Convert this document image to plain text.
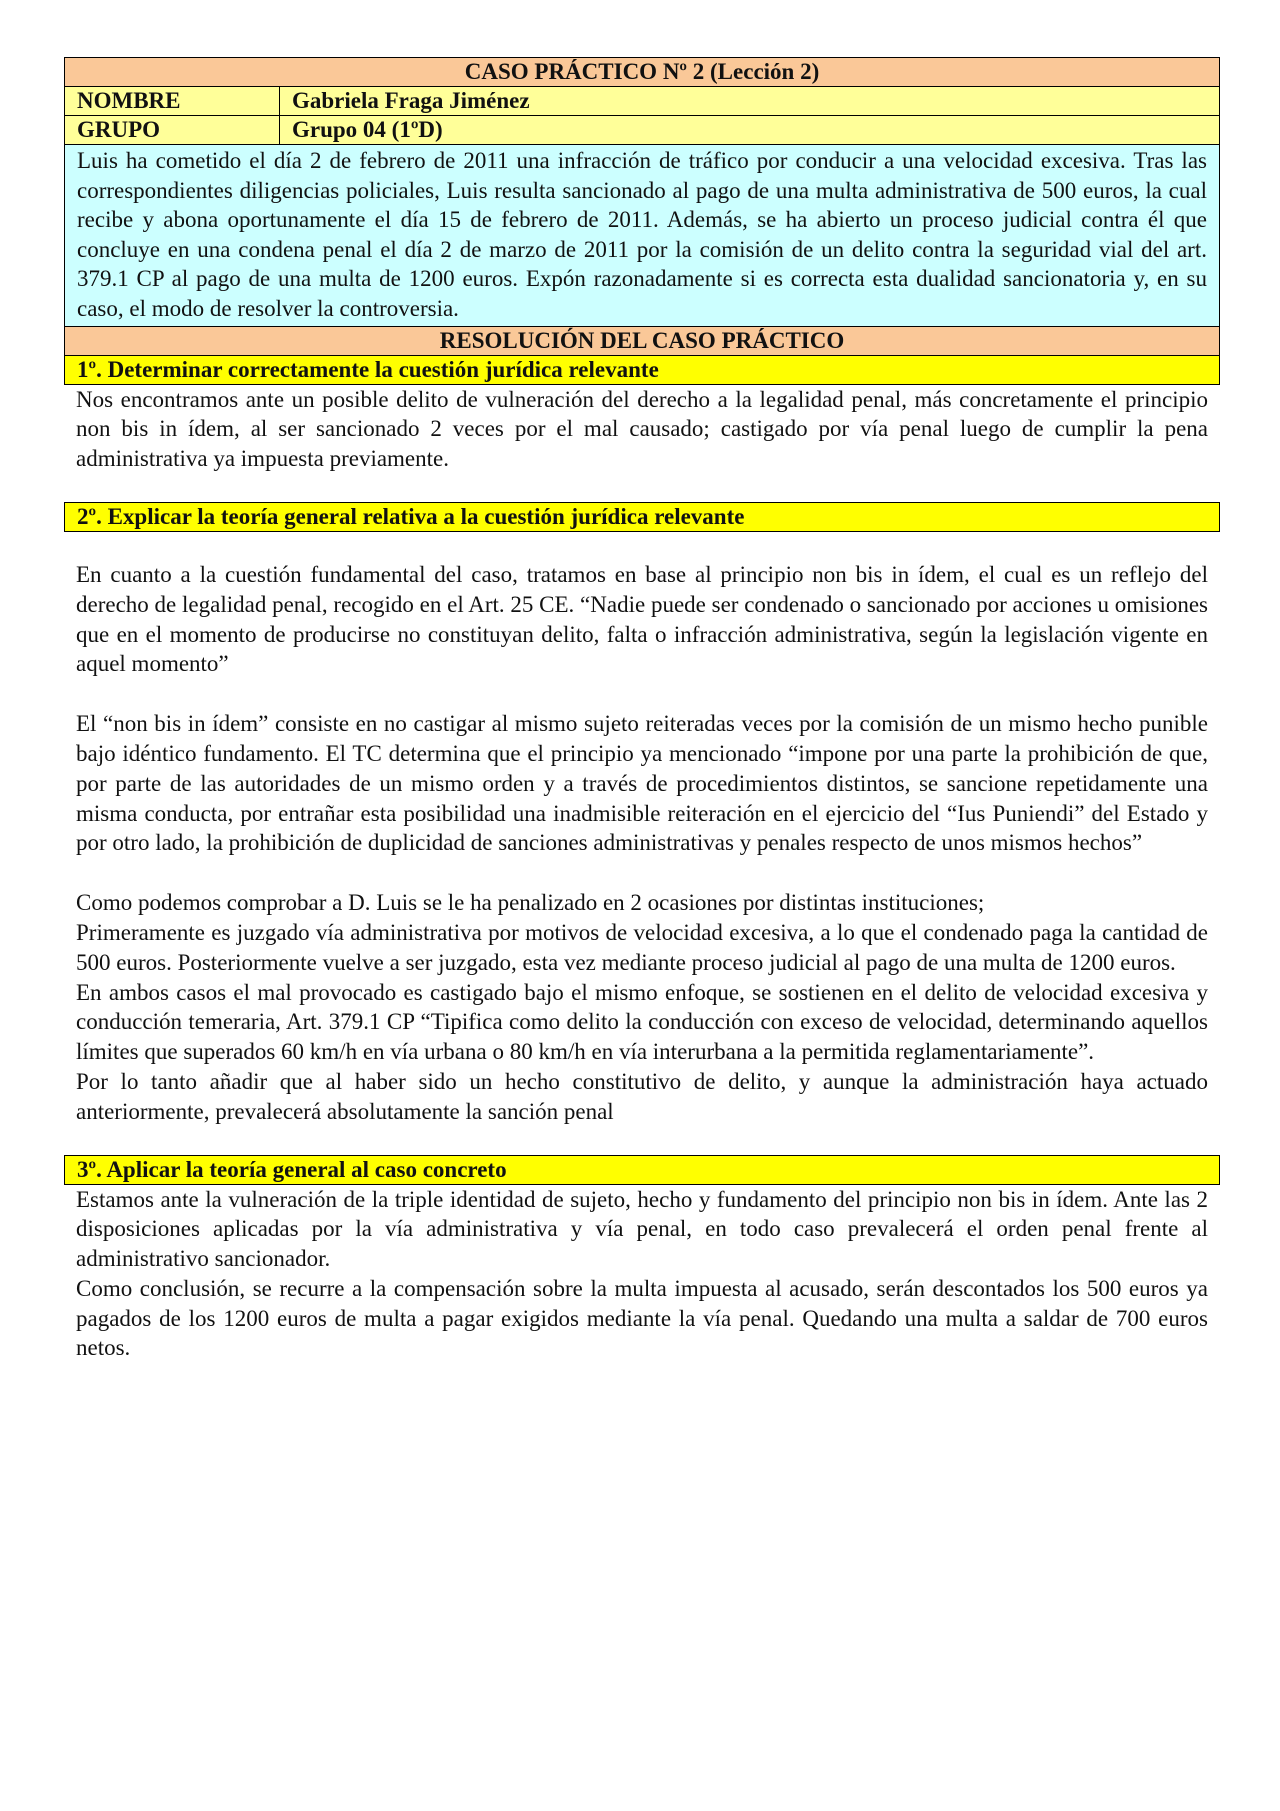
CASO PRÁCTICO Nº 2 (Lección 2)	
NOMBRE	Gabriela Fraga Jiménez
GRUPO	Grupo 04 (1ºD)
Luis ha cometido el día 2 de febrero de 2011 una infracción de tráfico por conducir a una velocidad excesiva. Tras las correspondientes diligencias policiales, Luis resulta sancionado al pago de una multa administrativa de 500 euros, la cual recibe y abona oportunamente el día 15 de febrero de 2011. Además, se ha abierto un proceso judicial contra él que concluye en una condena penal el día 2 de marzo de 2011 por la comisión de un delito contra la seguridad vial del art. 379.1 CP al pago de una multa de 1200 euros. Expón razonadamente si es correcta esta dualidad sancionatoria y, en su caso, el modo de resolver la controversia.	
RESOLUCIÓN DEL CASO PRÁCTICO	
1º. Determinar correctamente la cuestión jurídica relevante	

Nos encontramos ante un posible delito de vulneración del derecho a la legalidad penal, más concretamente el principio non bis in ídem, al ser sancionado 2 veces por el mal causado; castigado por vía penal luego de cumplir la pena administrativa ya impuesta previamente.

2º. Explicar la teoría general relativa a la cuestión jurídica relevante

En cuanto a la cuestión fundamental del caso, tratamos en base al principio non bis in ídem, el cual es un reflejo del derecho de legalidad penal, recogido en el Art. 25 CE. “Nadie puede ser condenado o sancionado por acciones u omisiones que en el momento de producirse no constituyan delito, falta o infracción administrativa, según la legislación vigente en aquel momento”

El “non bis in ídem” consiste en no castigar al mismo sujeto reiteradas veces por la comisión de un mismo hecho punible bajo idéntico fundamento. El TC determina que el principio ya mencionado “impone por una parte la prohibición de que, por parte de las autoridades de un mismo orden y a través de procedimientos distintos, se sancione repetidamente una misma conducta, por entrañar esta posibilidad una inadmisible reiteración en el ejercicio del “Ius Puniendi” del Estado y por otro lado, la prohibición de duplicidad de sanciones administrativas y penales respecto de unos mismos hechos”

Como podemos comprobar a D. Luis se le ha penalizado en 2 ocasiones por distintas instituciones;

Primeramente es juzgado vía administrativa por motivos de velocidad excesiva, a lo que el condenado paga la cantidad de 500 euros. Posteriormente vuelve a ser juzgado, esta vez mediante proceso judicial al pago de una multa de 1200 euros.

En ambos casos el mal provocado es castigado bajo el mismo enfoque, se sostienen en el delito de velocidad excesiva y conducción temeraria, Art. 379.1 CP “Tipifica como delito la conducción con exceso de velocidad, determinando aquellos límites que superados 60 km/h en vía urbana o 80 km/h en vía interurbana a la permitida reglamentariamente”.

Por lo tanto añadir que al haber sido un hecho constitutivo de delito, y aunque la administración haya actuado anteriormente, prevalecerá absolutamente la sanción penal

3º. Aplicar la teoría general al caso concreto

Estamos ante la vulneración de la triple identidad de sujeto, hecho y fundamento del principio non bis in ídem. Ante las 2 disposiciones aplicadas por la vía administrativa y vía penal, en todo caso prevalecerá el orden penal frente al administrativo sancionador.

Como conclusión, se recurre a la compensación sobre la multa impuesta al acusado, serán descontados los 500 euros ya pagados de los 1200 euros de multa a pagar exigidos mediante la vía penal. Quedando una multa a saldar de 700 euros netos.
